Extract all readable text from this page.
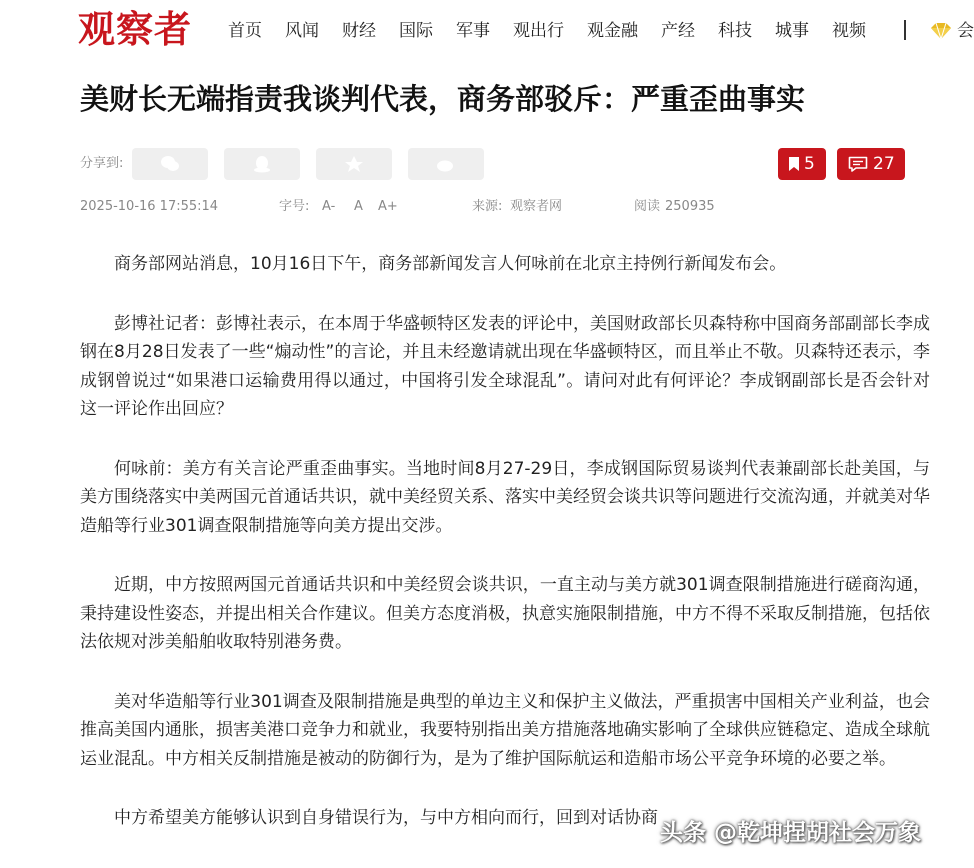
观察者 首页 风闻 财经 国际 军事 观出行 观金融 产经 科技 城事 视频	会
美财长无端指责我谈判代表，商务部驳斥：严重歪曲事实
分享到:	5	27
2025-10-16 17:55:14	字号: A- A A+	来源: 观察者网	阅读 250935

商务部网站消息，10月16日下午，商务部新闻发言人何咏前在北京主持例行新闻发布会。

彭博社记者：彭博社表示，在本周于华盛顿特区发表的评论中，美国财政部长贝森特称中国商务部副部长李成钢在8月28日发表了一些“煽动性”的言论，并且未经邀请就出现在华盛顿特区，而且举止不敬。贝森特还表示，李成钢曾说过“如果港口运输费用得以通过，中国将引发全球混乱”。请问对此有何评论？李成钢副部长是否会针对这一评论作出回应？

何咏前：美方有关言论严重歪曲事实。当地时间8月27-29日，李成钢国际贸易谈判代表兼副部长赴美国，与美方围绕落实中美两国元首通话共识，就中美经贸关系、落实中美经贸会谈共识等问题进行交流沟通，并就美对华造船等行业301调查限制措施等向美方提出交涉。

近期，中方按照两国元首通话共识和中美经贸会谈共识，一直主动与美方就301调查限制措施进行磋商沟通，秉持建设性姿态，并提出相关合作建议。但美方态度消极，执意实施限制措施，中方不得不采取反制措施，包括依法依规对涉美船舶收取特别港务费。

美对华造船等行业301调查及限制措施是典型的单边主义和保护主义做法，严重损害中国相关产业利益，也会推高美国内通胀，损害美港口竞争力和就业，我要特别指出美方措施落地确实影响了全球供应链稳定、造成全球航运业混乱。中方相关反制措施是被动的防御行为，是为了维护国际航运和造船市场公平竞争环境的必要之举。

中方希望美方能够认识到自身错误行为，与中方相向而行，回到对话协商

头条 @乾坤捏胡社会万象
